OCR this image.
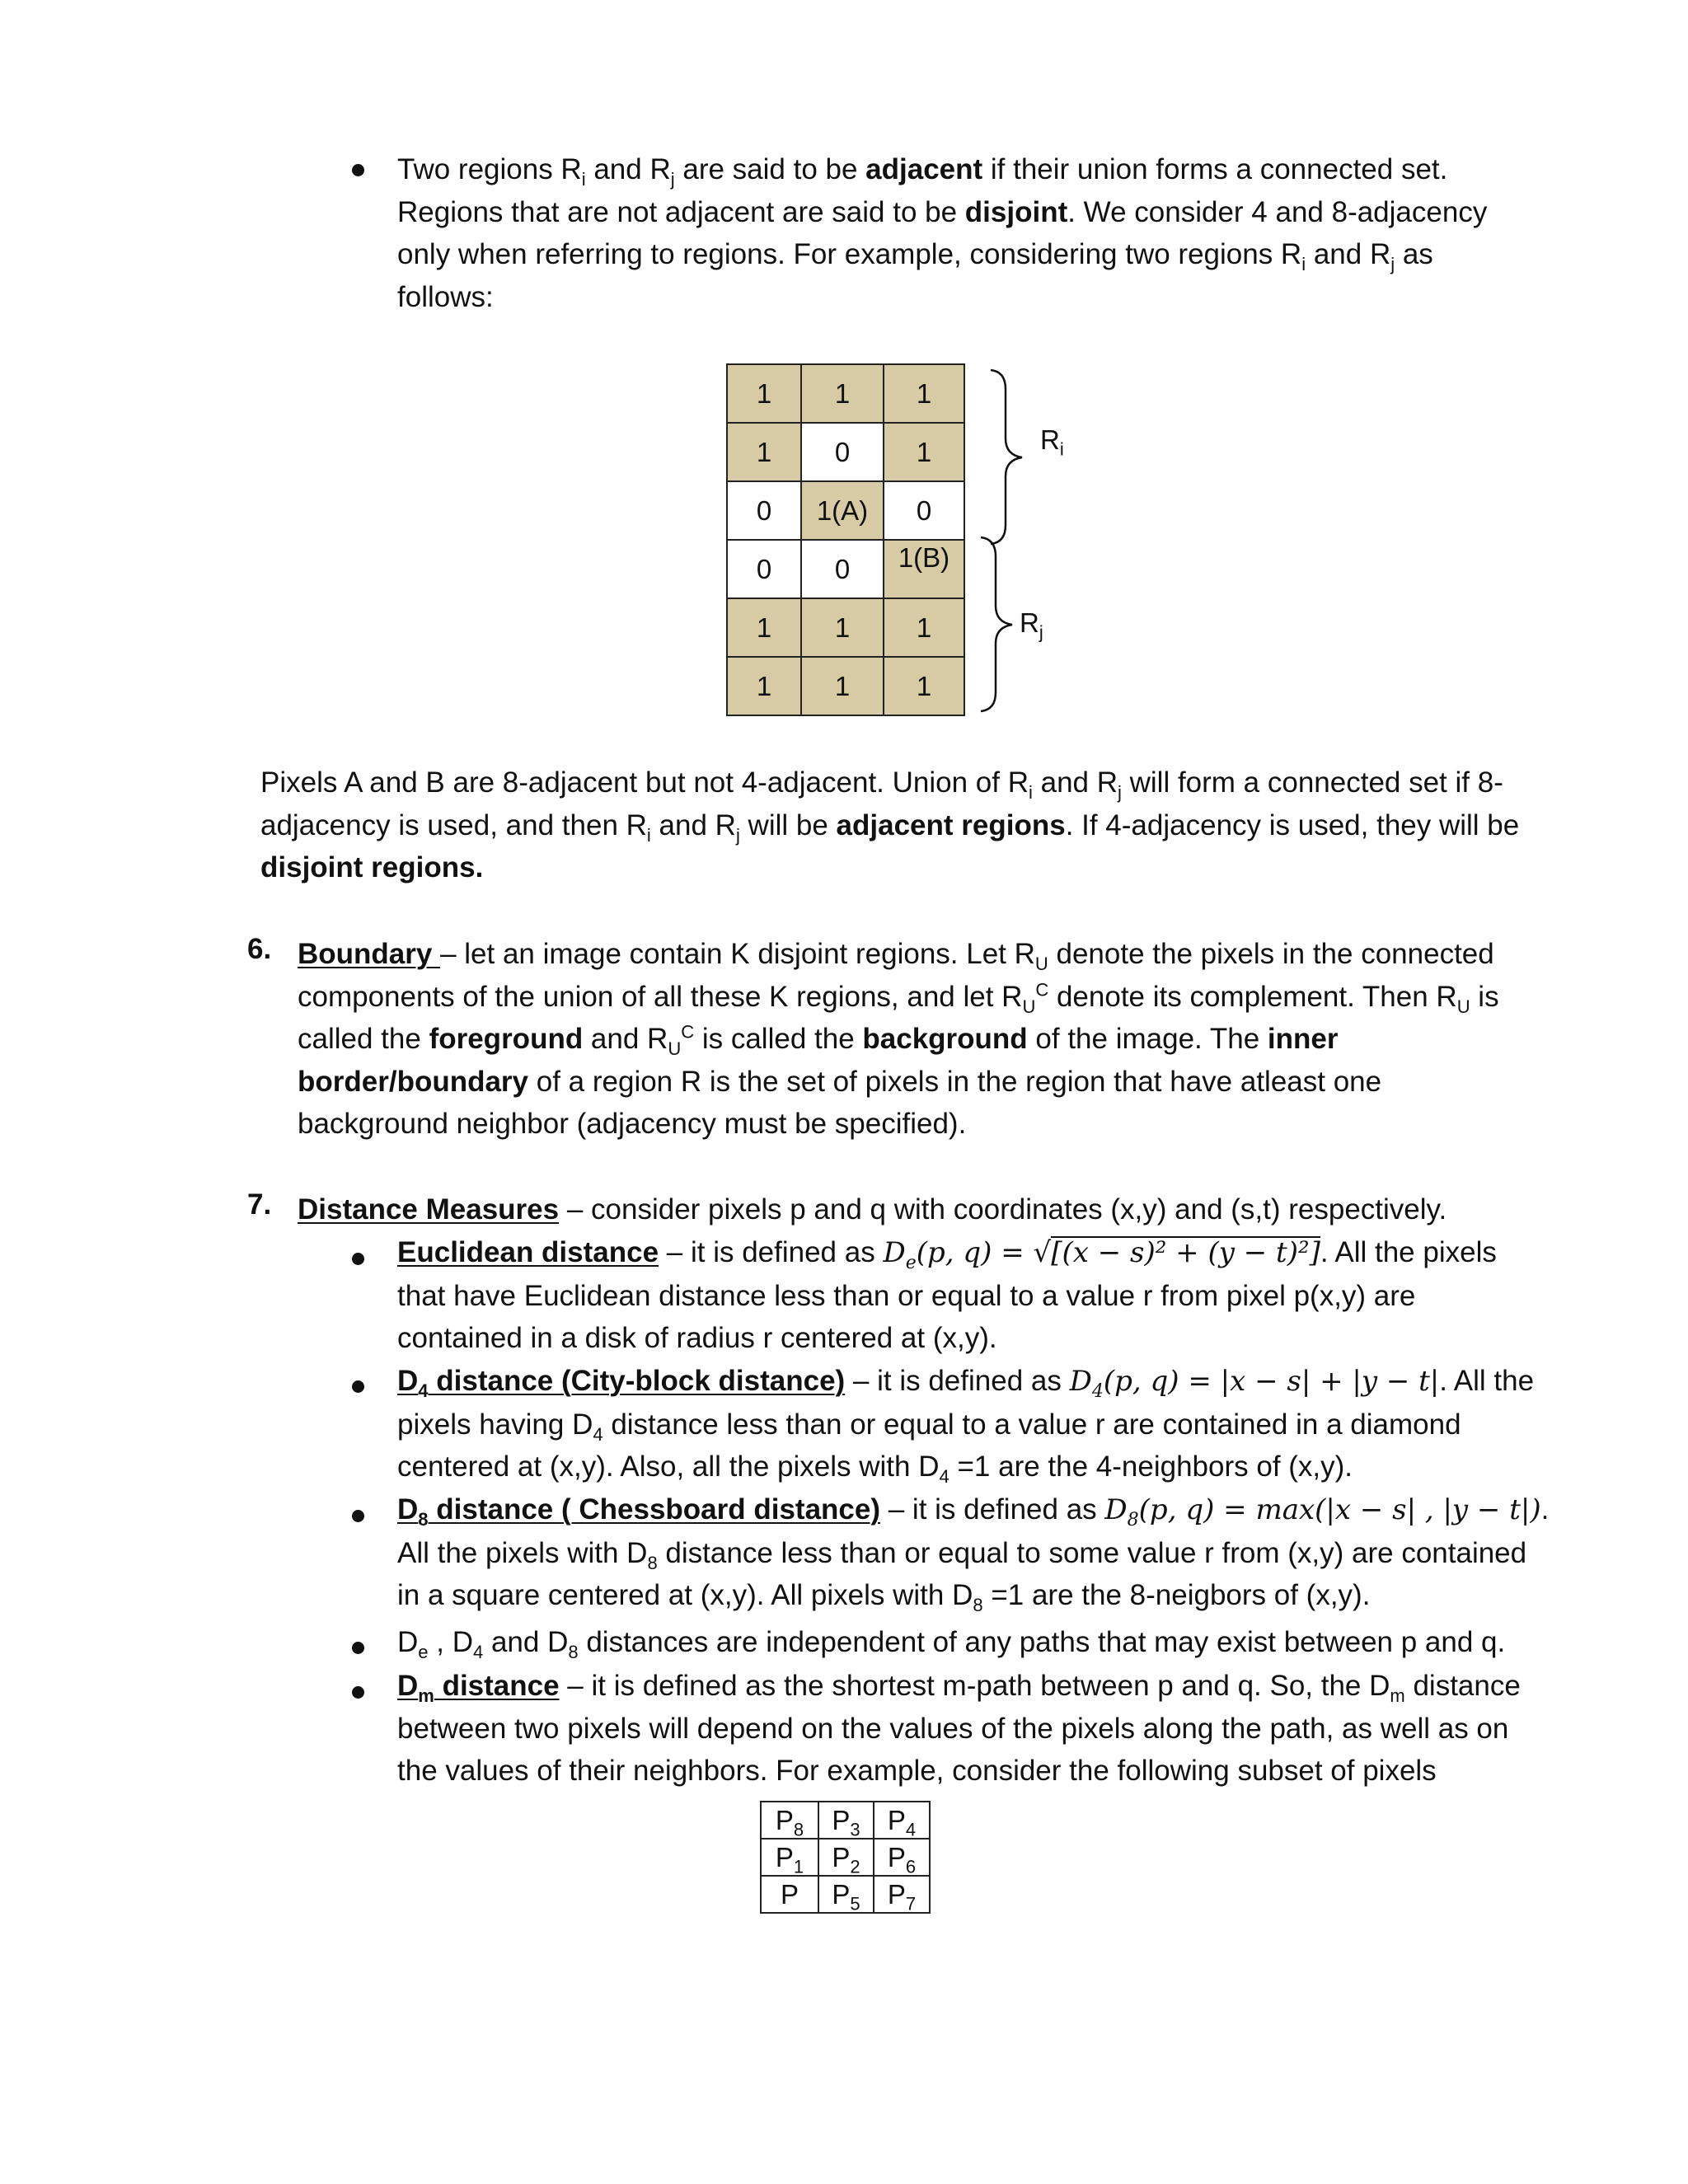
Two regions $R_i$ and $R_j$ are said to be adjacent if their union forms a connected set.

Regions that are not adjacent are said to be disjoint. We consider 4 and 8-adjacency

only when referring to regions. For example, considering two regions $R_i$ and $R_j$ as

follows:

1	1	1
1	0	1
0	1(A)	0
0	0	1(B)
1	1	1
1	1	1
$R_i$
$R_j$

Pixels A and B are 8-adjacent but not 4-adjacent. Union of $R_i$ and $R_j$ will form a connected set if 8-

adjacency is used, and then $R_i$ and $R_j$ will be adjacent regions. If 4-adjacency is used, they will be

disjoint regions.

6. Boundary – let an image contain K disjoint regions. Let $R_U$ denote the pixels in the connected

components of the union of all these K regions, and let $R_U^C$ denote its complement. Then $R_U$ is

called the foreground and $R_U^C$ is called the background of the image. The inner

border/boundary of a region R is the set of pixels in the region that have atleast one

background neighbor (adjacency must be specified).

7. Distance Measures – consider pixels p and q with coordinates (x,y) and (s,t) respectively.

Euclidean distance – it is defined as $D_e(p$, q) = √[(x − s)² + (y − t)²]. All the pixels

that have Euclidean distance less than or equal to a value r from pixel p(x,y) are

contained in a disk of radius r centered at (x,y).

$D_4$ distance (City-block distance) – it is defined as $D_4(p$, q) = |x − s| + |y − t|. All the

pixels having $D_4$ distance less than or equal to a value r are contained in a diamond

centered at (x,y). Also, all the pixels with $D_4 =1$ are the 4-neighbors of (x,y).

$D_8$ distance ( Chessboard distance) – it is defined as $D_8(p$, q) = max(|x − s| , |y − t|).

All the pixels with $D_8$ distance less than or equal to some value r from (x,y) are contained

in a square centered at (x,y). All pixels with $D_8 =1$ are the 8-neigbors of (x,y).

$D_e$ , $D_4$ and $D_8$ distances are independent of any paths that may exist between p and q.

$D_m$ distance – it is defined as the shortest m-path between p and q. So, the $D_m$ distance

between two pixels will depend on the values of the pixels along the path, as well as on

the values of their neighbors. For example, consider the following subset of pixels

$P_8$	$P_3$	$P_4$
$P_1$	$P_2$	$P_6$
P	$P_5$	$P_7$
